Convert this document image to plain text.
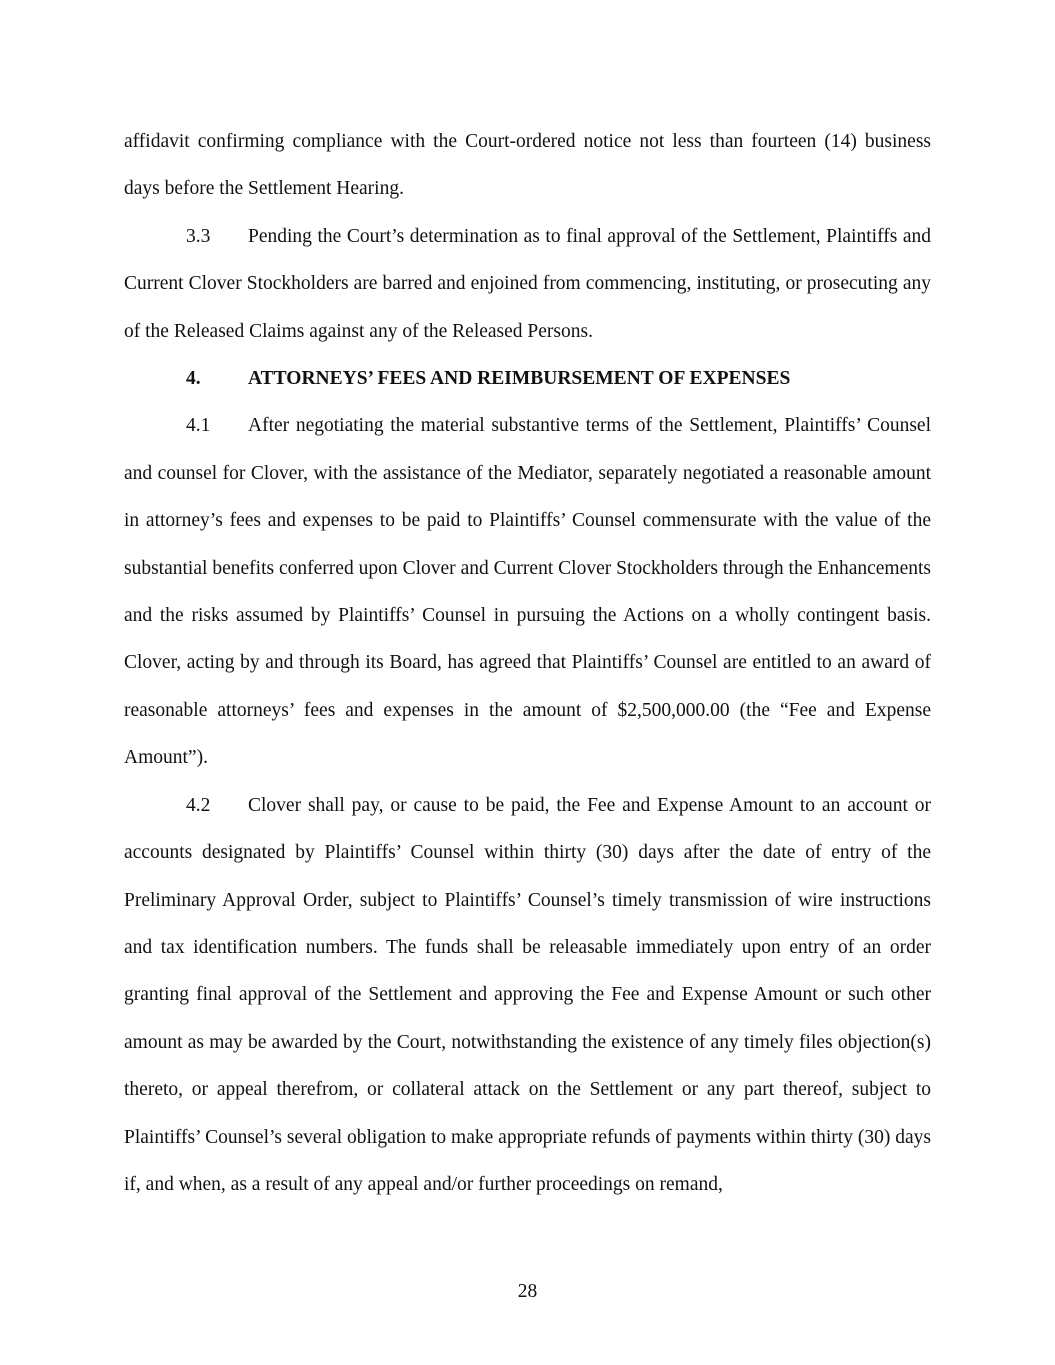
affidavit confirming compliance with the Court-ordered notice not less than fourteen (14) business days before the Settlement Hearing.

3.3 Pending the Court’s determination as to final approval of the Settlement, Plaintiffs and Current Clover Stockholders are barred and enjoined from commencing, instituting, or prosecuting any of the Released Claims against any of the Released Persons.

4. ATTORNEYS’ FEES AND REIMBURSEMENT OF EXPENSES

4.1 After negotiating the material substantive terms of the Settlement, Plaintiffs’ Counsel and counsel for Clover, with the assistance of the Mediator, separately negotiated a reasonable amount in attorney’s fees and expenses to be paid to Plaintiffs’ Counsel commensurate with the value of the substantial benefits conferred upon Clover and Current Clover Stockholders through the Enhancements and the risks assumed by Plaintiffs’ Counsel in pursuing the Actions on a wholly contingent basis. Clover, acting by and through its Board, has agreed that Plaintiffs’ Counsel are entitled to an award of reasonable attorneys’ fees and expenses in the amount of $2,500,000.00 (the “Fee and Expense Amount”).

4.2 Clover shall pay, or cause to be paid, the Fee and Expense Amount to an account or accounts designated by Plaintiffs’ Counsel within thirty (30) days after the date of entry of the Preliminary Approval Order, subject to Plaintiffs’ Counsel’s timely transmission of wire instructions and tax identification numbers. The funds shall be releasable immediately upon entry of an order granting final approval of the Settlement and approving the Fee and Expense Amount or such other amount as may be awarded by the Court, notwithstanding the existence of any timely files objection(s) thereto, or appeal therefrom, or collateral attack on the Settlement or any part thereof, subject to Plaintiffs’ Counsel’s several obligation to make appropriate refunds of payments within thirty (30) days if, and when, as a result of any appeal and/or further proceedings on remand,

28
